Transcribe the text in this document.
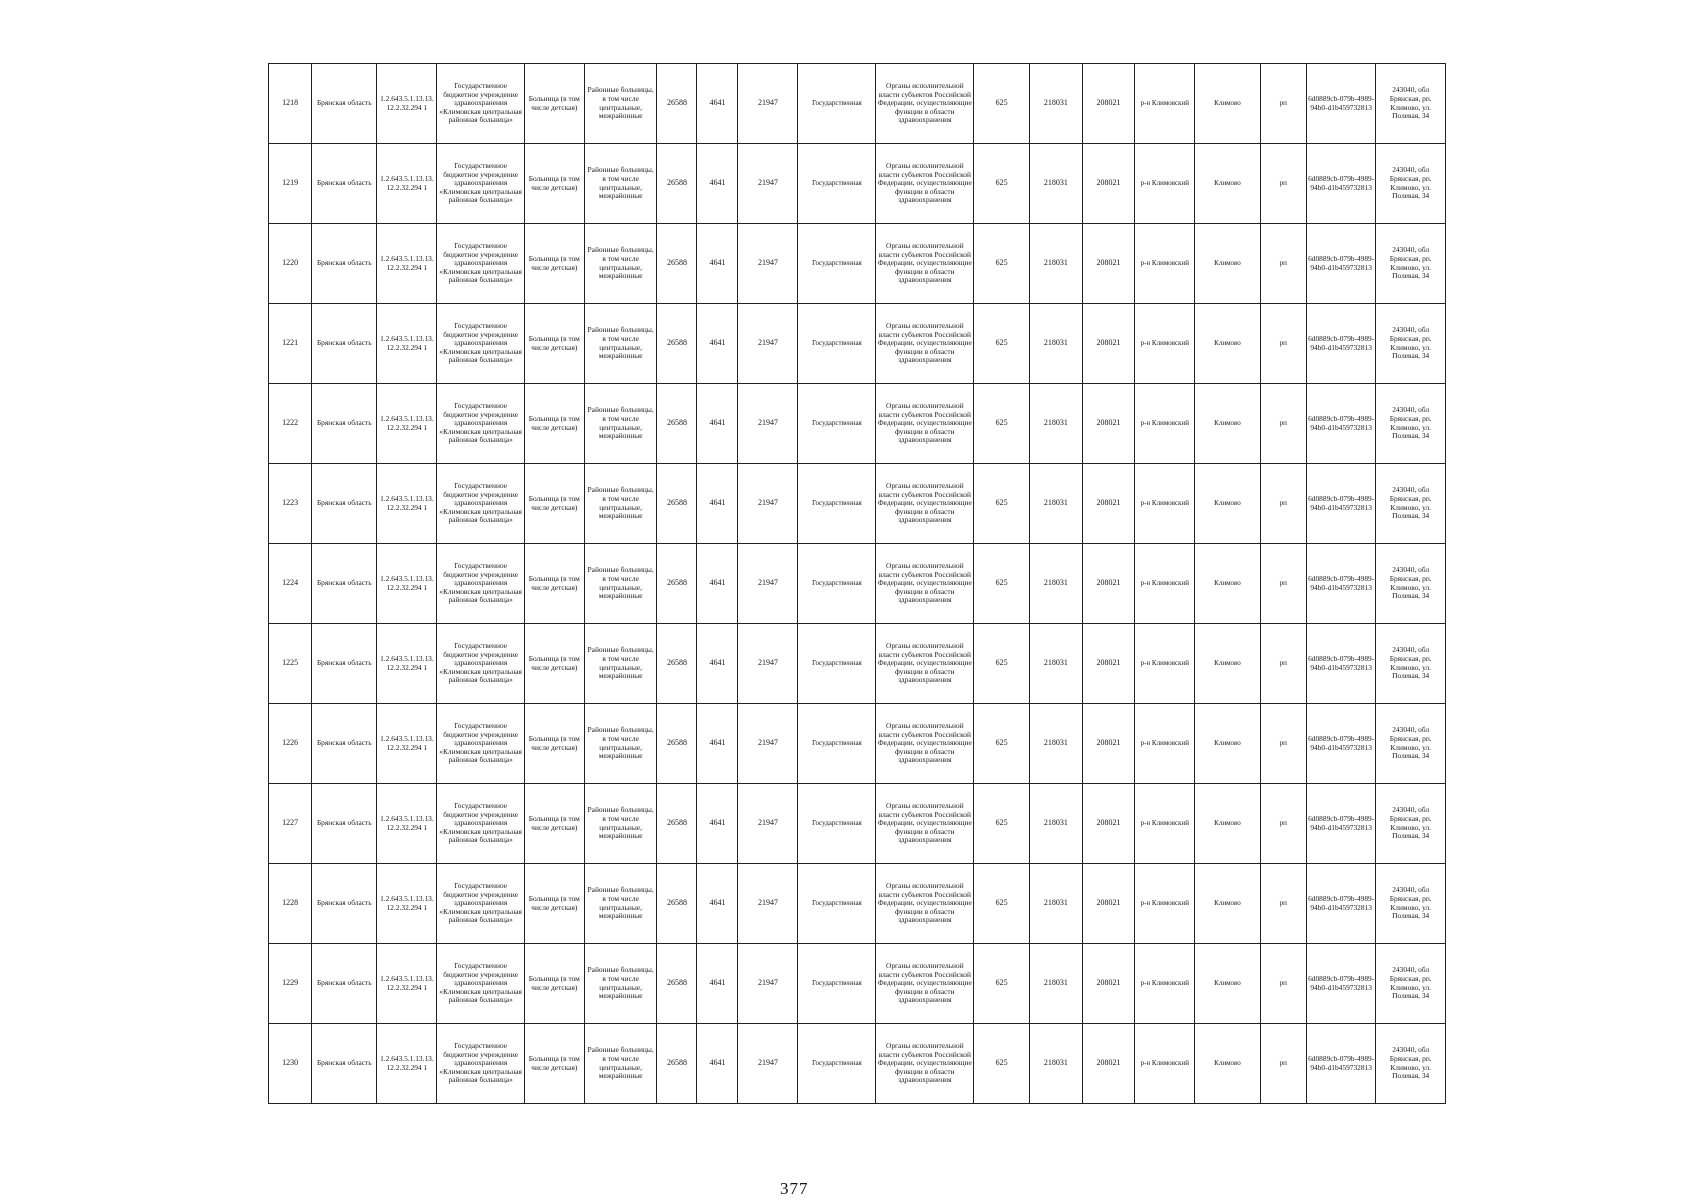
1218	Брянская область	1.2.643.5.1.13.13.12.2.32.294 1	Государственное бюджетное учреждение здравоохранения «Климовская центральная районная больница»	Больница (в том числе детская)	Районные больницы, в том числе центральные, межрайонные	26588	4641	21947	Государственная	Органы исполнительной власти субъектов Российской Федерации, осуществляющие функции в области здравоохранения	625	218031	208021	р-н Климовский	Климово	рп	6d0889cb-079b-4989-94b0-d1b459732813	243040, обл Брянская, рп. Климово, ул. Полевая, 34
1219	Брянская область	1.2.643.5.1.13.13.12.2.32.294 1	Государственное бюджетное учреждение здравоохранения «Климовская центральная районная больница»	Больница (в том числе детская)	Районные больницы, в том числе центральные, межрайонные	26588	4641	21947	Государственная	Органы исполнительной власти субъектов Российской Федерации, осуществляющие функции в области здравоохранения	625	218031	208021	р-н Климовский	Климово	рп	6d0889cb-079b-4989-94b0-d1b459732813	243040, обл Брянская, рп. Климово, ул. Полевая, 34
1220	Брянская область	1.2.643.5.1.13.13.12.2.32.294 1	Государственное бюджетное учреждение здравоохранения «Климовская центральная районная больница»	Больница (в том числе детская)	Районные больницы, в том числе центральные, межрайонные	26588	4641	21947	Государственная	Органы исполнительной власти субъектов Российской Федерации, осуществляющие функции в области здравоохранения	625	218031	208021	р-н Климовский	Климово	рп	6d0889cb-079b-4989-94b0-d1b459732813	243040, обл Брянская, рп. Климово, ул. Полевая, 34
1221	Брянская область	1.2.643.5.1.13.13.12.2.32.294 1	Государственное бюджетное учреждение здравоохранения «Климовская центральная районная больница»	Больница (в том числе детская)	Районные больницы, в том числе центральные, межрайонные	26588	4641	21947	Государственная	Органы исполнительной власти субъектов Российской Федерации, осуществляющие функции в области здравоохранения	625	218031	208021	р-н Климовский	Климово	рп	6d0889cb-079b-4989-94b0-d1b459732813	243040, обл Брянская, рп. Климово, ул. Полевая, 34
1222	Брянская область	1.2.643.5.1.13.13.12.2.32.294 1	Государственное бюджетное учреждение здравоохранения «Климовская центральная районная больница»	Больница (в том числе детская)	Районные больницы, в том числе центральные, межрайонные	26588	4641	21947	Государственная	Органы исполнительной власти субъектов Российской Федерации, осуществляющие функции в области здравоохранения	625	218031	208021	р-н Климовский	Климово	рп	6d0889cb-079b-4989-94b0-d1b459732813	243040, обл Брянская, рп. Климово, ул. Полевая, 34
1223	Брянская область	1.2.643.5.1.13.13.12.2.32.294 1	Государственное бюджетное учреждение здравоохранения «Климовская центральная районная больница»	Больница (в том числе детская)	Районные больницы, в том числе центральные, межрайонные	26588	4641	21947	Государственная	Органы исполнительной власти субъектов Российской Федерации, осуществляющие функции в области здравоохранения	625	218031	208021	р-н Климовский	Климово	рп	6d0889cb-079b-4989-94b0-d1b459732813	243040, обл Брянская, рп. Климово, ул. Полевая, 34
1224	Брянская область	1.2.643.5.1.13.13.12.2.32.294 1	Государственное бюджетное учреждение здравоохранения «Климовская центральная районная больница»	Больница (в том числе детская)	Районные больницы, в том числе центральные, межрайонные	26588	4641	21947	Государственная	Органы исполнительной власти субъектов Российской Федерации, осуществляющие функции в области здравоохранения	625	218031	208021	р-н Климовский	Климово	рп	6d0889cb-079b-4989-94b0-d1b459732813	243040, обл Брянская, рп. Климово, ул. Полевая, 34
1225	Брянская область	1.2.643.5.1.13.13.12.2.32.294 1	Государственное бюджетное учреждение здравоохранения «Климовская центральная районная больница»	Больница (в том числе детская)	Районные больницы, в том числе центральные, межрайонные	26588	4641	21947	Государственная	Органы исполнительной власти субъектов Российской Федерации, осуществляющие функции в области здравоохранения	625	218031	208021	р-н Климовский	Климово	рп	6d0889cb-079b-4989-94b0-d1b459732813	243040, обл Брянская, рп. Климово, ул. Полевая, 34
1226	Брянская область	1.2.643.5.1.13.13.12.2.32.294 1	Государственное бюджетное учреждение здравоохранения «Климовская центральная районная больница»	Больница (в том числе детская)	Районные больницы, в том числе центральные, межрайонные	26588	4641	21947	Государственная	Органы исполнительной власти субъектов Российской Федерации, осуществляющие функции в области здравоохранения	625	218031	208021	р-н Климовский	Климово	рп	6d0889cb-079b-4989-94b0-d1b459732813	243040, обл Брянская, рп. Климово, ул. Полевая, 34
1227	Брянская область	1.2.643.5.1.13.13.12.2.32.294 1	Государственное бюджетное учреждение здравоохранения «Климовская центральная районная больница»	Больница (в том числе детская)	Районные больницы, в том числе центральные, межрайонные	26588	4641	21947	Государственная	Органы исполнительной власти субъектов Российской Федерации, осуществляющие функции в области здравоохранения	625	218031	208021	р-н Климовский	Климово	рп	6d0889cb-079b-4989-94b0-d1b459732813	243040, обл Брянская, рп. Климово, ул. Полевая, 34
1228	Брянская область	1.2.643.5.1.13.13.12.2.32.294 1	Государственное бюджетное учреждение здравоохранения «Климовская центральная районная больница»	Больница (в том числе детская)	Районные больницы, в том числе центральные, межрайонные	26588	4641	21947	Государственная	Органы исполнительной власти субъектов Российской Федерации, осуществляющие функции в области здравоохранения	625	218031	208021	р-н Климовский	Климово	рп	6d0889cb-079b-4989-94b0-d1b459732813	243040, обл Брянская, рп. Климово, ул. Полевая, 34
1229	Брянская область	1.2.643.5.1.13.13.12.2.32.294 1	Государственное бюджетное учреждение здравоохранения «Климовская центральная районная больница»	Больница (в том числе детская)	Районные больницы, в том числе центральные, межрайонные	26588	4641	21947	Государственная	Органы исполнительной власти субъектов Российской Федерации, осуществляющие функции в области здравоохранения	625	218031	208021	р-н Климовский	Климово	рп	6d0889cb-079b-4989-94b0-d1b459732813	243040, обл Брянская, рп. Климово, ул. Полевая, 34
1230	Брянская область	1.2.643.5.1.13.13.12.2.32.294 1	Государственное бюджетное учреждение здравоохранения «Климовская центральная районная больница»	Больница (в том числе детская)	Районные больницы, в том числе центральные, межрайонные	26588	4641	21947	Государственная	Органы исполнительной власти субъектов Российской Федерации, осуществляющие функции в области здравоохранения	625	218031	208021	р-н Климовский	Климово	рп	6d0889cb-079b-4989-94b0-d1b459732813	243040, обл Брянская, рп. Климово, ул. Полевая, 34
377
